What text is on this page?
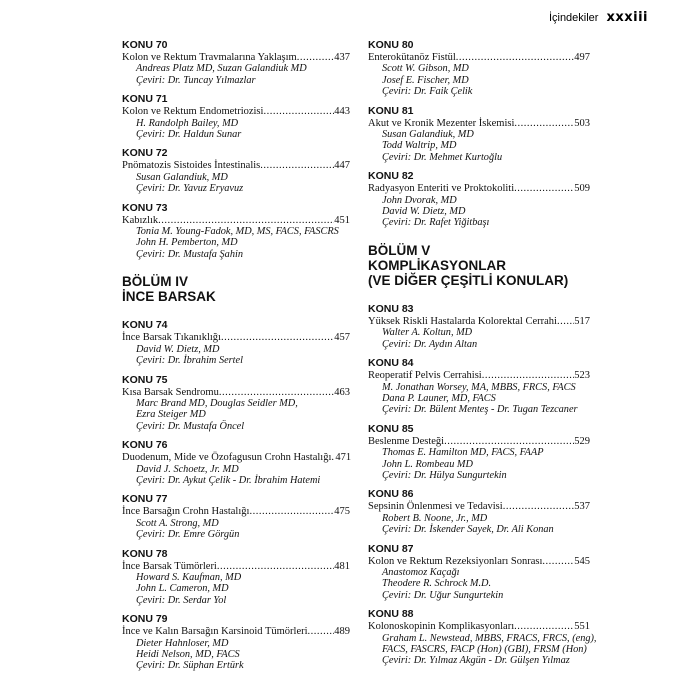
İçindekiler xxxiii
KONU 70
Kolon ve Rektum Travmalarına Yaklaşım .....	437
Andreas Platz MD, Suzan Galandiuk MD
Çeviri: Dr. Tuncay Yılmazlar
KONU 71
Kolon ve Rektum Endometriozisi .....	443
H. Randolph Bailey, MD
Çeviri: Dr. Haldun Sunar
KONU 72
Pnömatozis Sistoides İntestinalis .....	447
Susan Galandiuk, MD
Çeviri: Dr. Yavuz Eryavuz
KONU 73
Kabızlık .....	451
Tonia M. Young-Fadok, MD, MS, FACS, FASCRS
John H. Pemberton, MD
Çeviri: Dr. Mustafa Şahin
BÖLÜM IV
İNCE BARSAK
KONU 74
İnce Barsak Tıkanıklığı .....	457
David W. Dietz, MD
Çeviri: Dr. İbrahim Sertel
KONU 75
Kısa Barsak Sendromu .....	463
Marc Brand MD, Douglas Seidler MD,
Ezra Steiger MD
Çeviri: Dr. Mustafa Öncel
KONU 76
Duodenum, Mide ve Özofagusun Crohn Hastalığı ..... 471
David J. Schoetz, Jr. MD
Çeviri: Dr. Aykut Çelik - Dr. İbrahim Hatemi
KONU 77
İnce Barsağın Crohn Hastalığı .....	475
Scott A. Strong, MD
Çeviri: Dr. Emre Görgün
KONU 78
İnce Barsak Tümörleri .....	481
Howard S. Kaufman, MD
John L. Cameron, MD
Çeviri: Dr. Serdar Yol
KONU 79
İnce ve Kalın Barsağın Karsinoid Tümörleri .....	489
Dieter Hahnloser, MD
Heidi Nelson, MD, FACS
Çeviri: Dr. Süphan Ertürk
KONU 80
Enterokütanöz Fistül .....	497
Scott W. Gibson, MD
Josef E. Fischer, MD
Çeviri: Dr. Faik Çelik
KONU 81
Akut ve Kronik Mezenter İskemisi .....	503
Susan Galandiuk, MD
Todd Waltrip, MD
Çeviri: Dr. Mehmet Kurtoğlu
KONU 82
Radyasyon Enteriti ve Proktokoliti .....	509
John Dvorak, MD
David W. Dietz, MD
Çeviri: Dr. Rafet Yiğitbaşı
BÖLÜM V
KOMPLİKASYONLAR
(VE DİĞER ÇEŞİTLİ KONULAR)
KONU 83
Yüksek Riskli Hastalarda Kolorektal Cerrahi ..... 517
Walter A. Koltun, MD
Çeviri: Dr. Aydın Altan
KONU 84
Reoperatif Pelvis Cerrahisi .....	523
M. Jonathan Worsey, MA, MBBS, FRCS, FACS
Dana P. Launer, MD, FACS
Çeviri: Dr. Bülent Menteş - Dr. Tugan Tezcaner
KONU 85
Beslenme Desteği .....	529
Thomas E. Hamilton MD, FACS, FAAP
John L. Rombeau MD
Çeviri: Dr. Hülya Sungurtekin
KONU 86
Sepsinin Önlenmesi ve Tedavisi .....	537
Robert B. Noone, Jr., MD
Çeviri: Dr. İskender Sayek, Dr. Ali Konan
KONU 87
Kolon ve Rektum Rezeksiyonları Sonrası .....	545
Anastomoz Kaçağı
Theodere R. Schrock M.D.
Çeviri: Dr. Uğur Sungurtekin
KONU 88
Kolonoskopinin Komplikasyonları .....	551
Graham L. Newstead, MBBS, FRACS, FRCS, (eng),
FACS, FASCRS, FACP (Hon) (GBI), FRSM (Hon)
Çeviri: Dr. Yılmaz Akgün - Dr. Gülşen Yılmaz
